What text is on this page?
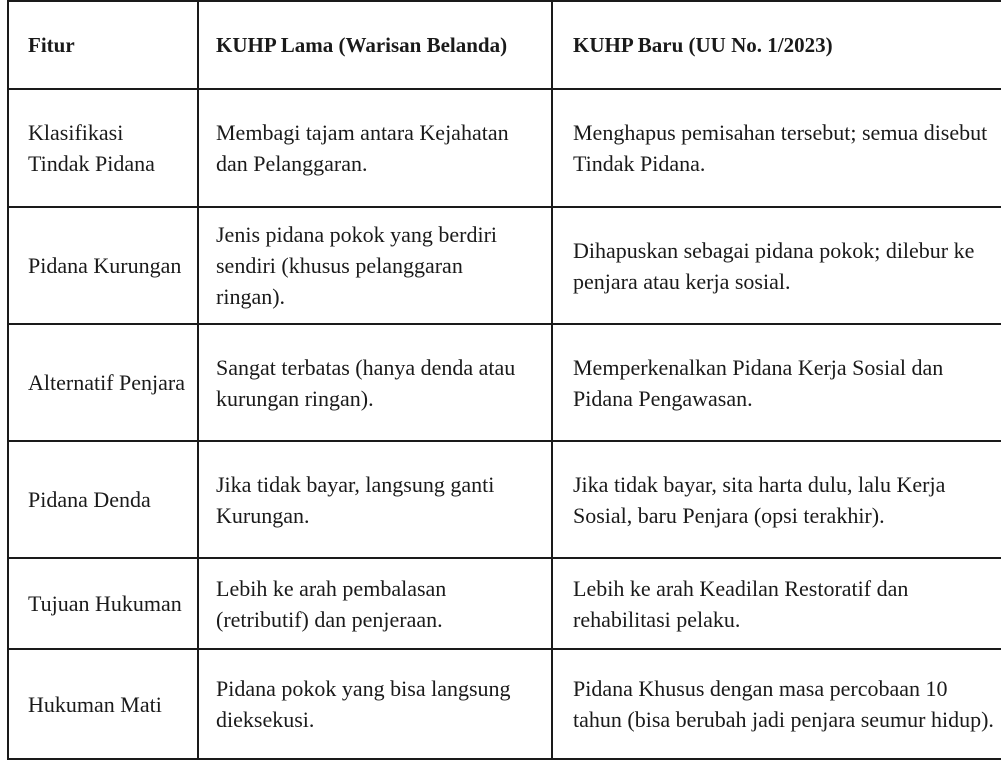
Fitur	KUHP Lama (Warisan Belanda)	KUHP Baru (UU No. 1/2023)
Klasifikasi Tindak Pidana	Membagi tajam antara Kejahatan dan Pelanggaran.	Menghapus pemisahan tersebut; semua disebut Tindak Pidana.
Pidana Kurungan	Jenis pidana pokok yang berdiri sendiri (khusus pelanggaran ringan).	Dihapuskan sebagai pidana pokok; dilebur ke penjara atau kerja sosial.
Alternatif Penjara	Sangat terbatas (hanya denda atau kurungan ringan).	Memperkenalkan Pidana Kerja Sosial dan Pidana Pengawasan.
Pidana Denda	Jika tidak bayar, langsung ganti Kurungan.	Jika tidak bayar, sita harta dulu, lalu Kerja Sosial, baru Penjara (opsi terakhir).
Tujuan Hukuman	Lebih ke arah pembalasan (retributif) dan penjeraan.	Lebih ke arah Keadilan Restoratif dan rehabilitasi pelaku.
Hukuman Mati	Pidana pokok yang bisa langsung dieksekusi.	Pidana Khusus dengan masa percobaan 10 tahun (bisa berubah jadi penjara seumur hidup).
